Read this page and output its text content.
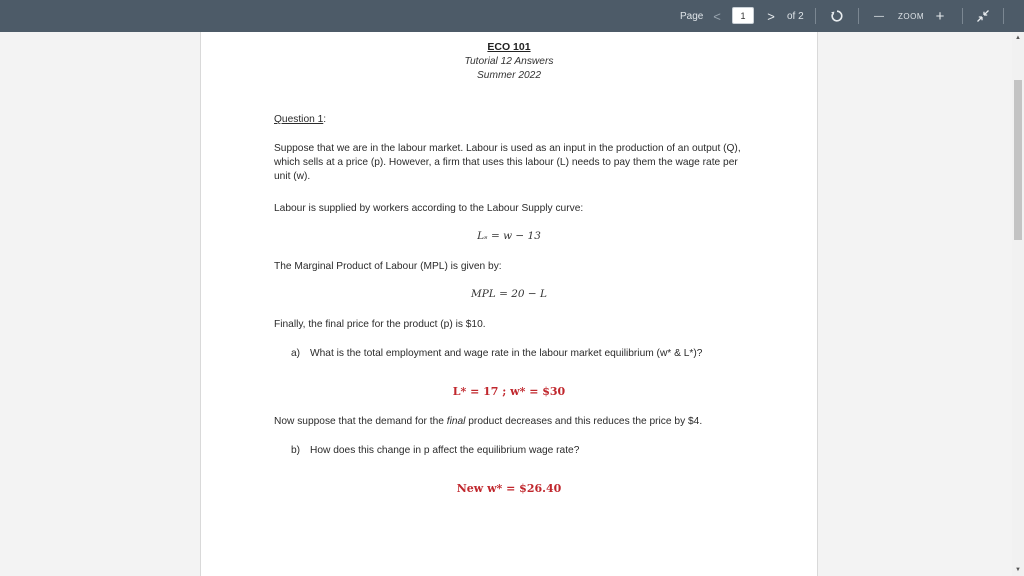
Page <
1	>	of 2	— ZOOM +
ECO 101
Tutorial 12 Answers
Summer 2022
Question 1:
Suppose that we are in the labour market. Labour is used as an input in the production of an output (Q), which sells at a price (p). However, a firm that uses this labour (L) needs to pay them the wage rate per unit (w).
Labour is supplied by workers according to the Labour Supply curve:
Lₛ = w − 13
The Marginal Product of Labour (MPL) is given by:
MPL = 20 − L
Finally, the final price for the product (p) is $10.
a) What is the total employment and wage rate in the labour market equilibrium (w* & L*)?
L* = 17 ; w* = $30
Now suppose that the demand for the final product decreases and this reduces the price by $4.
b) How does this change in p affect the equilibrium wage rate?
New w* = $26.40
▲
▼
